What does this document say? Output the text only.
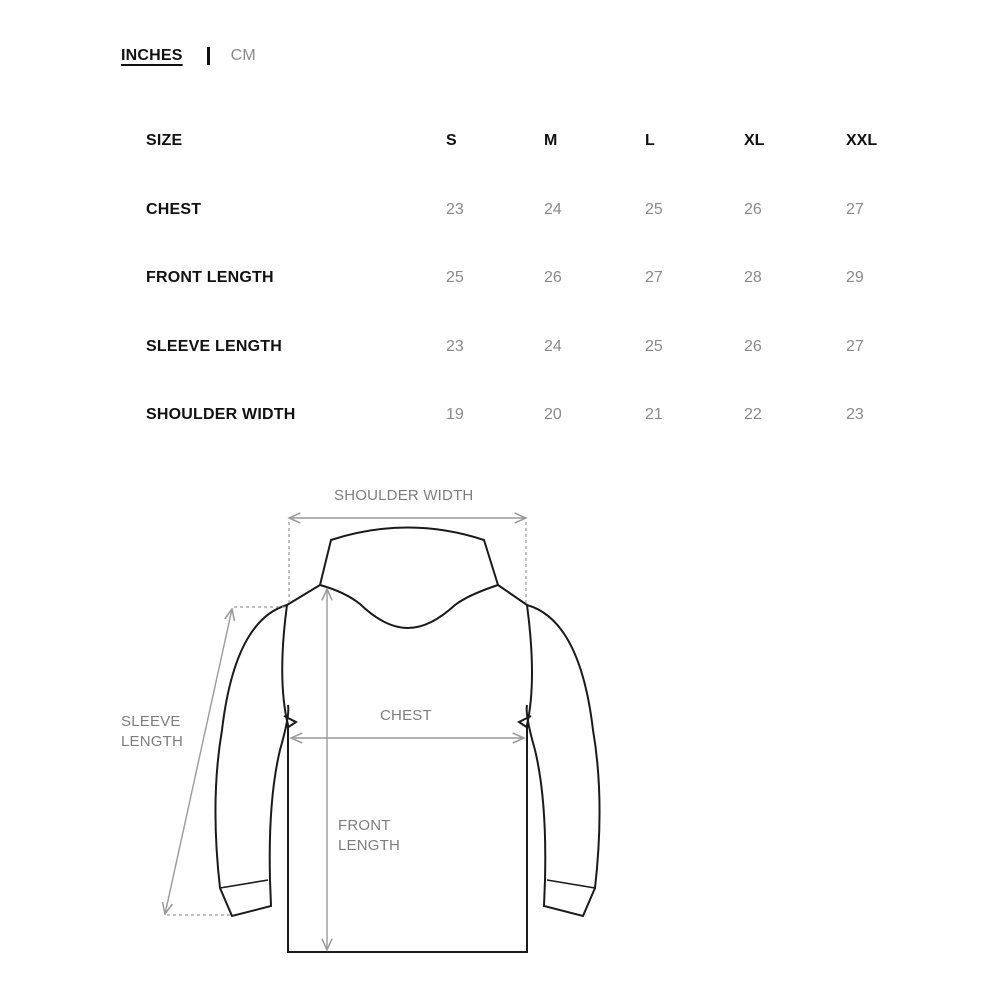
INCHES	CM
SIZE	S	M	L	XL	XXL
CHEST	23	24	25	26	27
FRONT LENGTH	25	26	27	28	29
SLEEVE LENGTH	23	24	25	26	27
SHOULDER WIDTH	19	20	21	22	23
SHOULDER WIDTH
CHEST
SLEEVE
LENGTH
FRONT
LENGTH
